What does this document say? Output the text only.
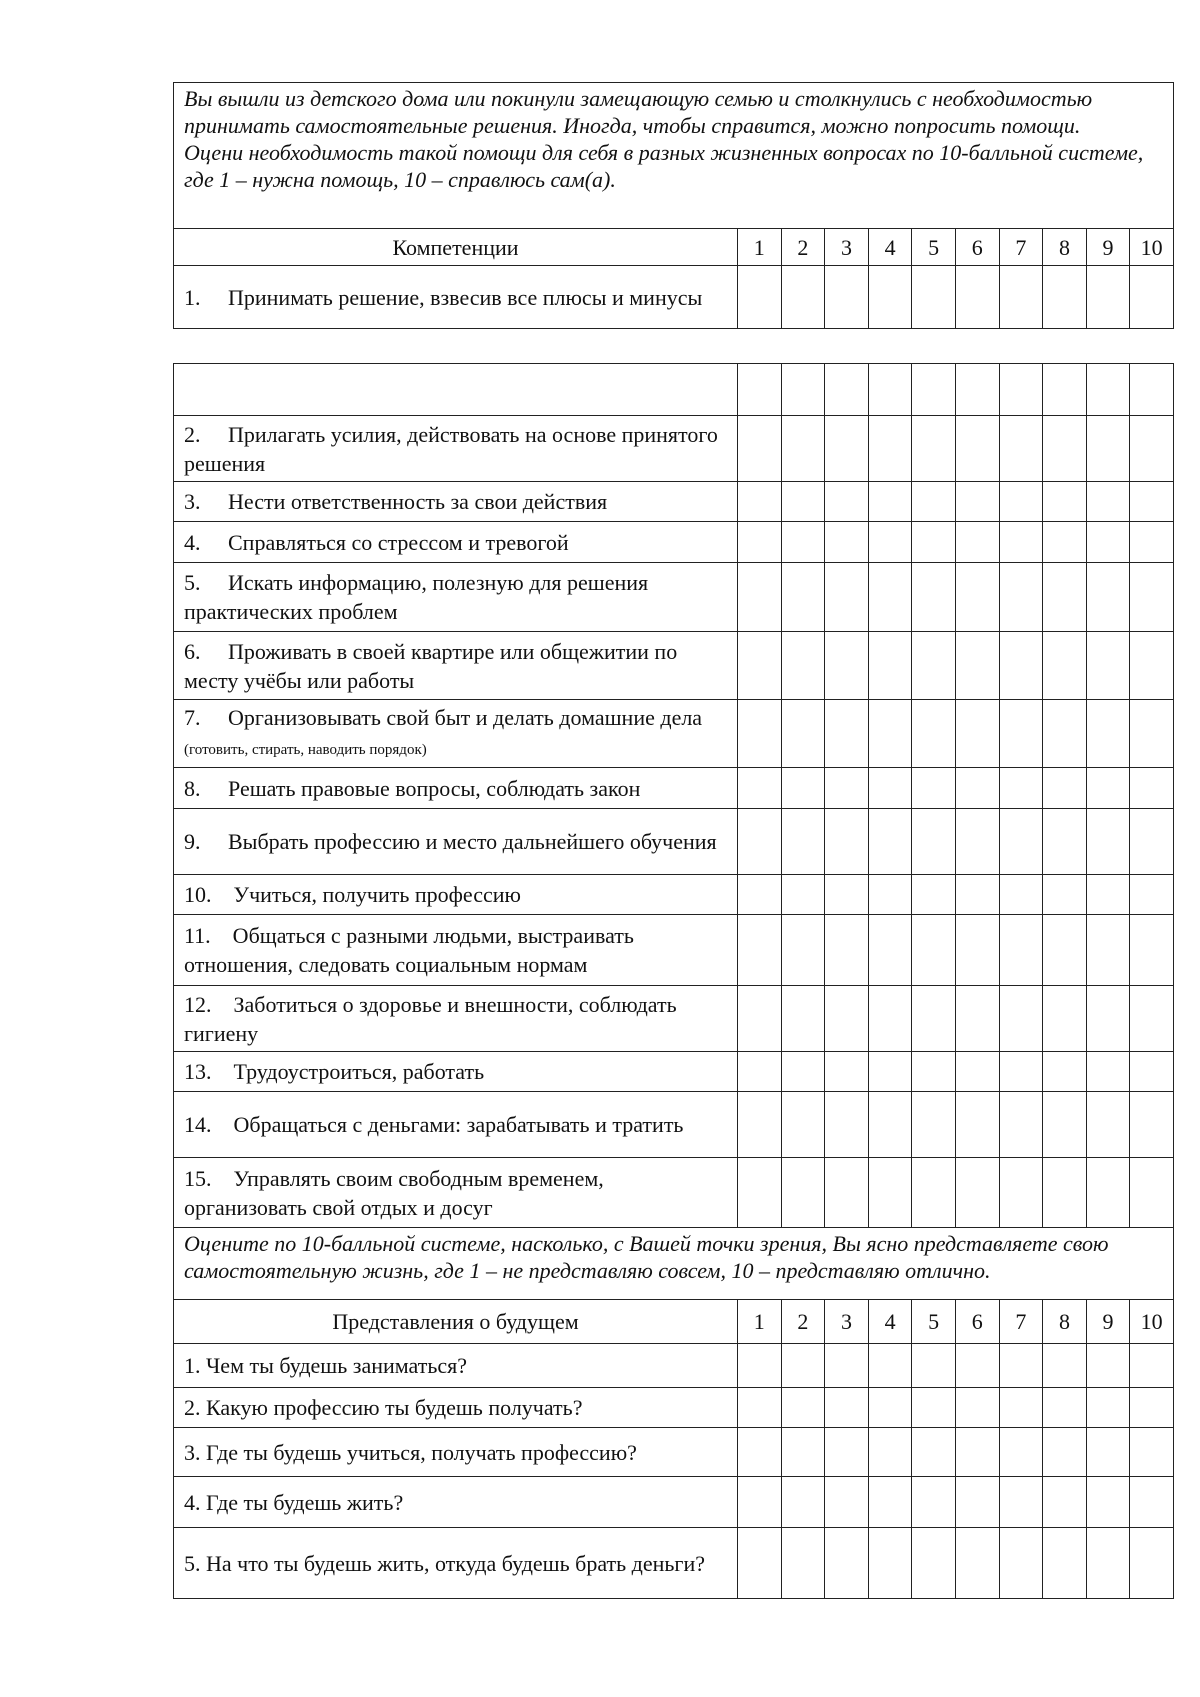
Вы вышли из детского дома или покинули замещающую семью и столкнулись с необходимостью принимать самостоятельные решения. Иногда, чтобы справится, можно попросить помощи.
Оцени необходимость такой помощи для себя в разных жизненных вопросах по 10-балльной системе, где 1 – нужна помощь, 10 – справлюсь сам(а).										

Компетенции	1	2	3	4	5	6	7	8	9	10
1.  Принимать решение, взвесив все плюсы и минусы										

2.  Прилагать усилия, действовать на основе принятого решения										
3.  Нести ответственность за свои действия										
4.  Справляться со стрессом и тревогой										
5.  Искать информацию, полезную для решения практических проблем										
6.  Проживать в своей квартире или общежитии по месту учёбы или работы										
7.  Организовывать свой быт и делать домашние дела (готовить, стирать, наводить порядок)										
8.  Решать правовые вопросы, соблюдать закон										
9.  Выбрать профессию и место дальнейшего обучения										
10. Учиться, получить профессию										
11. Общаться с разными людьми, выстраивать отношения, следовать социальным нормам										
12. Заботиться о здоровье и внешности, соблюдать гигиену										
13. Трудоустроиться, работать										
14. Обращаться с деньгами: зарабатывать и тратить										
15. Управлять своим свободным временем, организовать свой отдых и досуг										
Оцените по 10-балльной системе, насколько, с Вашей точки зрения, Вы ясно представляете свою самостоятельную жизнь, где 1 – не представляю совсем, 10 – представляю отлично.										
Представления о будущем	1	2	3	4	5	6	7	8	9	10
1. Чем ты будешь заниматься?										
2. Какую профессию ты будешь получать?										
3. Где ты будешь учиться, получать профессию?										
4. Где ты будешь жить?										
5. На что ты будешь жить, откуда будешь брать деньги?										
